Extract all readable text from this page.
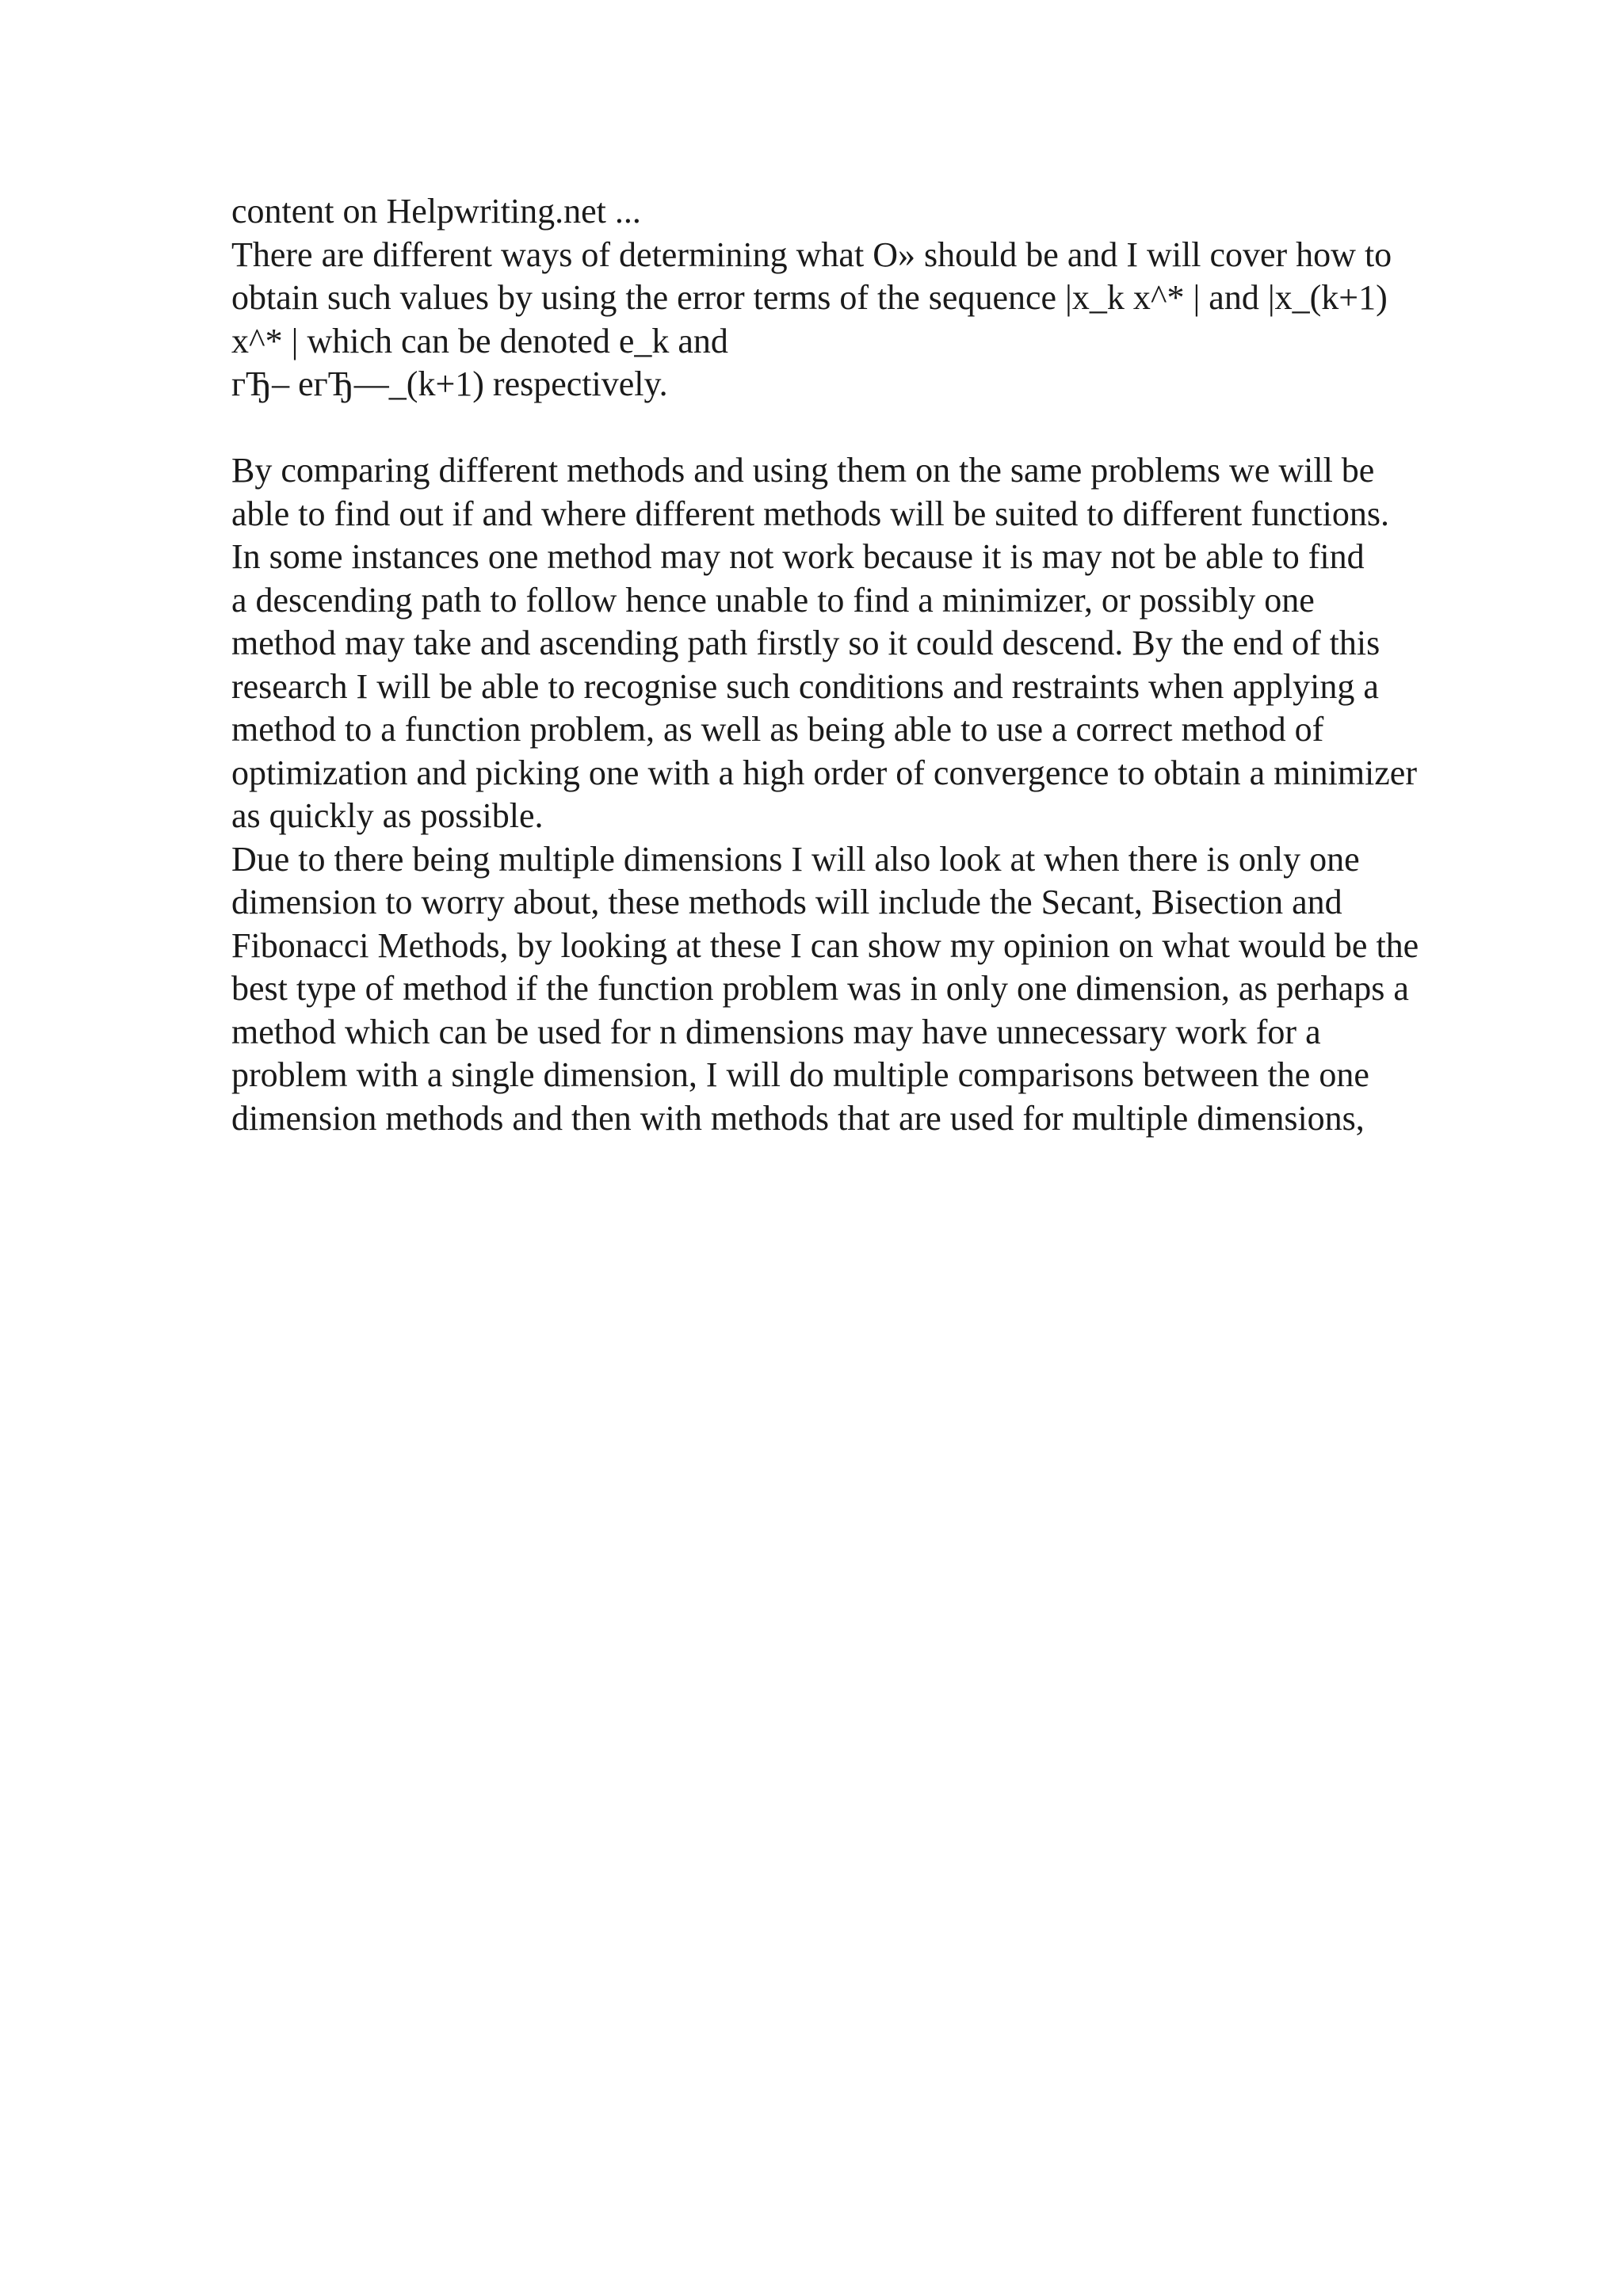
content on Helpwriting.net ...
There are different ways of determining what O» should be and I will cover how to
obtain such values by using the error terms of the sequence |x_k x^* | and |x_(k+1)
x^* | which can be denoted e_k and
гЂ– егЂ—_(k+1) respectively.
By comparing different methods and using them on the same problems we will be
able to find out if and where different methods will be suited to different functions.
In some instances one method may not work because it is may not be able to find
a descending path to follow hence unable to find a minimizer, or possibly one
method may take and ascending path firstly so it could descend. By the end of this
research I will be able to recognise such conditions and restraints when applying a
method to a function problem, as well as being able to use a correct method of
optimization and picking one with a high order of convergence to obtain a minimizer
as quickly as possible.
Due to there being multiple dimensions I will also look at when there is only one
dimension to worry about, these methods will include the Secant, Bisection and
Fibonacci Methods, by looking at these I can show my opinion on what would be the
best type of method if the function problem was in only one dimension, as perhaps a
method which can be used for n dimensions may have unnecessary work for a
problem with a single dimension, I will do multiple comparisons between the one
dimension methods and then with methods that are used for multiple dimensions,
